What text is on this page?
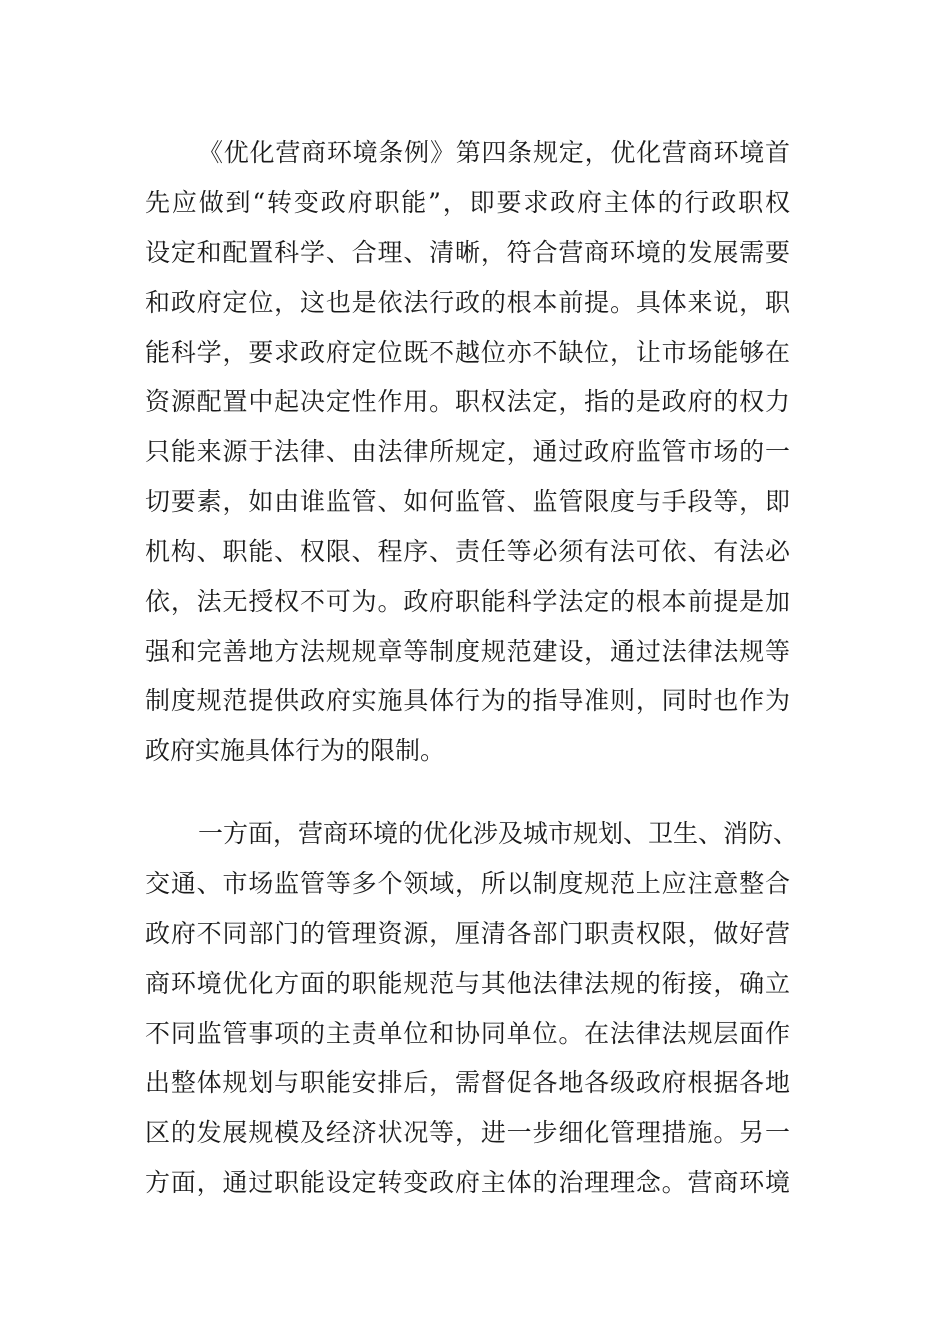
《优化营商环境条例》第四条规定，优化营商环境首
先应做到“转变政府职能”，即要求政府主体的行政职权
设定和配置科学、合理、清晰，符合营商环境的发展需要
和政府定位，这也是依法行政的根本前提。具体来说，职
能科学，要求政府定位既不越位亦不缺位，让市场能够在
资源配置中起决定性作用。职权法定，指的是政府的权力
只能来源于法律、由法律所规定，通过政府监管市场的一
切要素，如由谁监管、如何监管、监管限度与手段等，即
机构、职能、权限、程序、责任等必须有法可依、有法必
依，法无授权不可为。政府职能科学法定的根本前提是加
强和完善地方法规规章等制度规范建设，通过法律法规等
制度规范提供政府实施具体行为的指导准则，同时也作为
政府实施具体行为的限制。
一方面，营商环境的优化涉及城市规划、卫生、消防、
交通、市场监管等多个领域，所以制度规范上应注意整合
政府不同部门的管理资源，厘清各部门职责权限，做好营
商环境优化方面的职能规范与其他法律法规的衔接，确立
不同监管事项的主责单位和协同单位。在法律法规层面作
出整体规划与职能安排后，需督促各地各级政府根据各地
区的发展规模及经济状况等，进一步细化管理措施。另一
方面，通过职能设定转变政府主体的治理理念。营商环境
